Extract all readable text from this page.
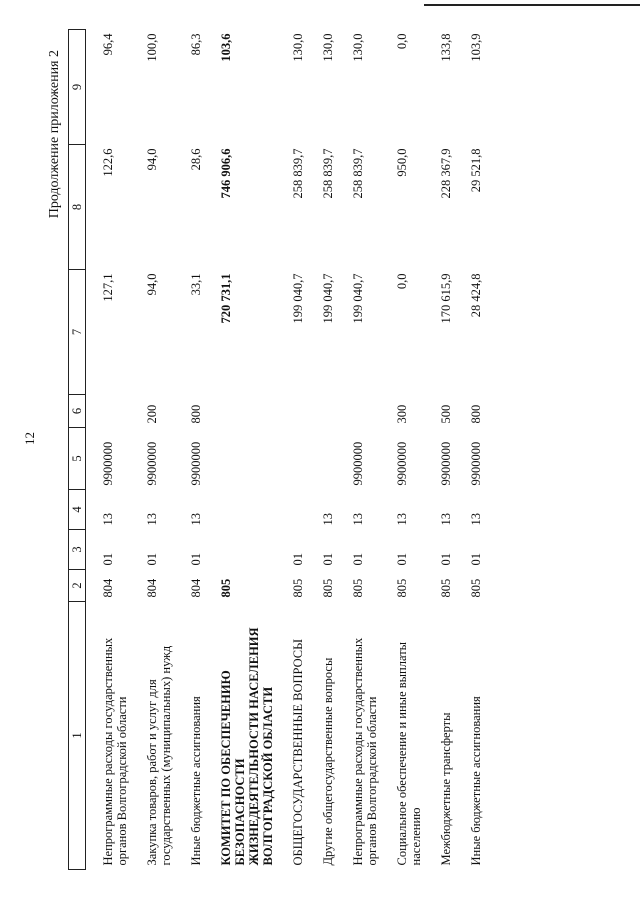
12
Продолжение приложения 2
1	2	3	4	5	6	7	8	9
Непрограммные расходы государственных органов Волгоградской области	804	01	13	9900000		127,1	122,6	96,4
Закупка товаров, работ и услуг для государственных (муниципальных) нужд	804	01	13	9900000	200	94,0	94,0	100,0
Иные бюджетные ассигнования	804	01	13	9900000	800	33,1	28,6	86,3
КОМИТЕТ ПО ОБЕСПЕЧЕНИЮ БЕЗОПАСНОСТИ ЖИЗНЕДЕЯТЕЛЬНОСТИ НАСЕЛЕНИЯ ВОЛГОГРАДСКОЙ ОБЛАСТИ	805					720 731,1	746 906,6	103,6
ОБЩЕГОСУДАРСТВЕННЫЕ ВОПРОСЫ	805	01				199 040,7	258 839,7	130,0
Другие общегосударственные вопросы	805	01	13			199 040,7	258 839,7	130,0
Непрограммные расходы государственных органов Волгоградской области	805	01	13	9900000		199 040,7	258 839,7	130,0
Социальное обеспечение и иные выплаты населению	805	01	13	9900000	300	0,0	950,0	0,0
Межбюджетные трансферты	805	01	13	9900000	500	170 615,9	228 367,9	133,8
Иные бюджетные ассигнования	805	01	13	9900000	800	28 424,8	29 521,8	103,9
